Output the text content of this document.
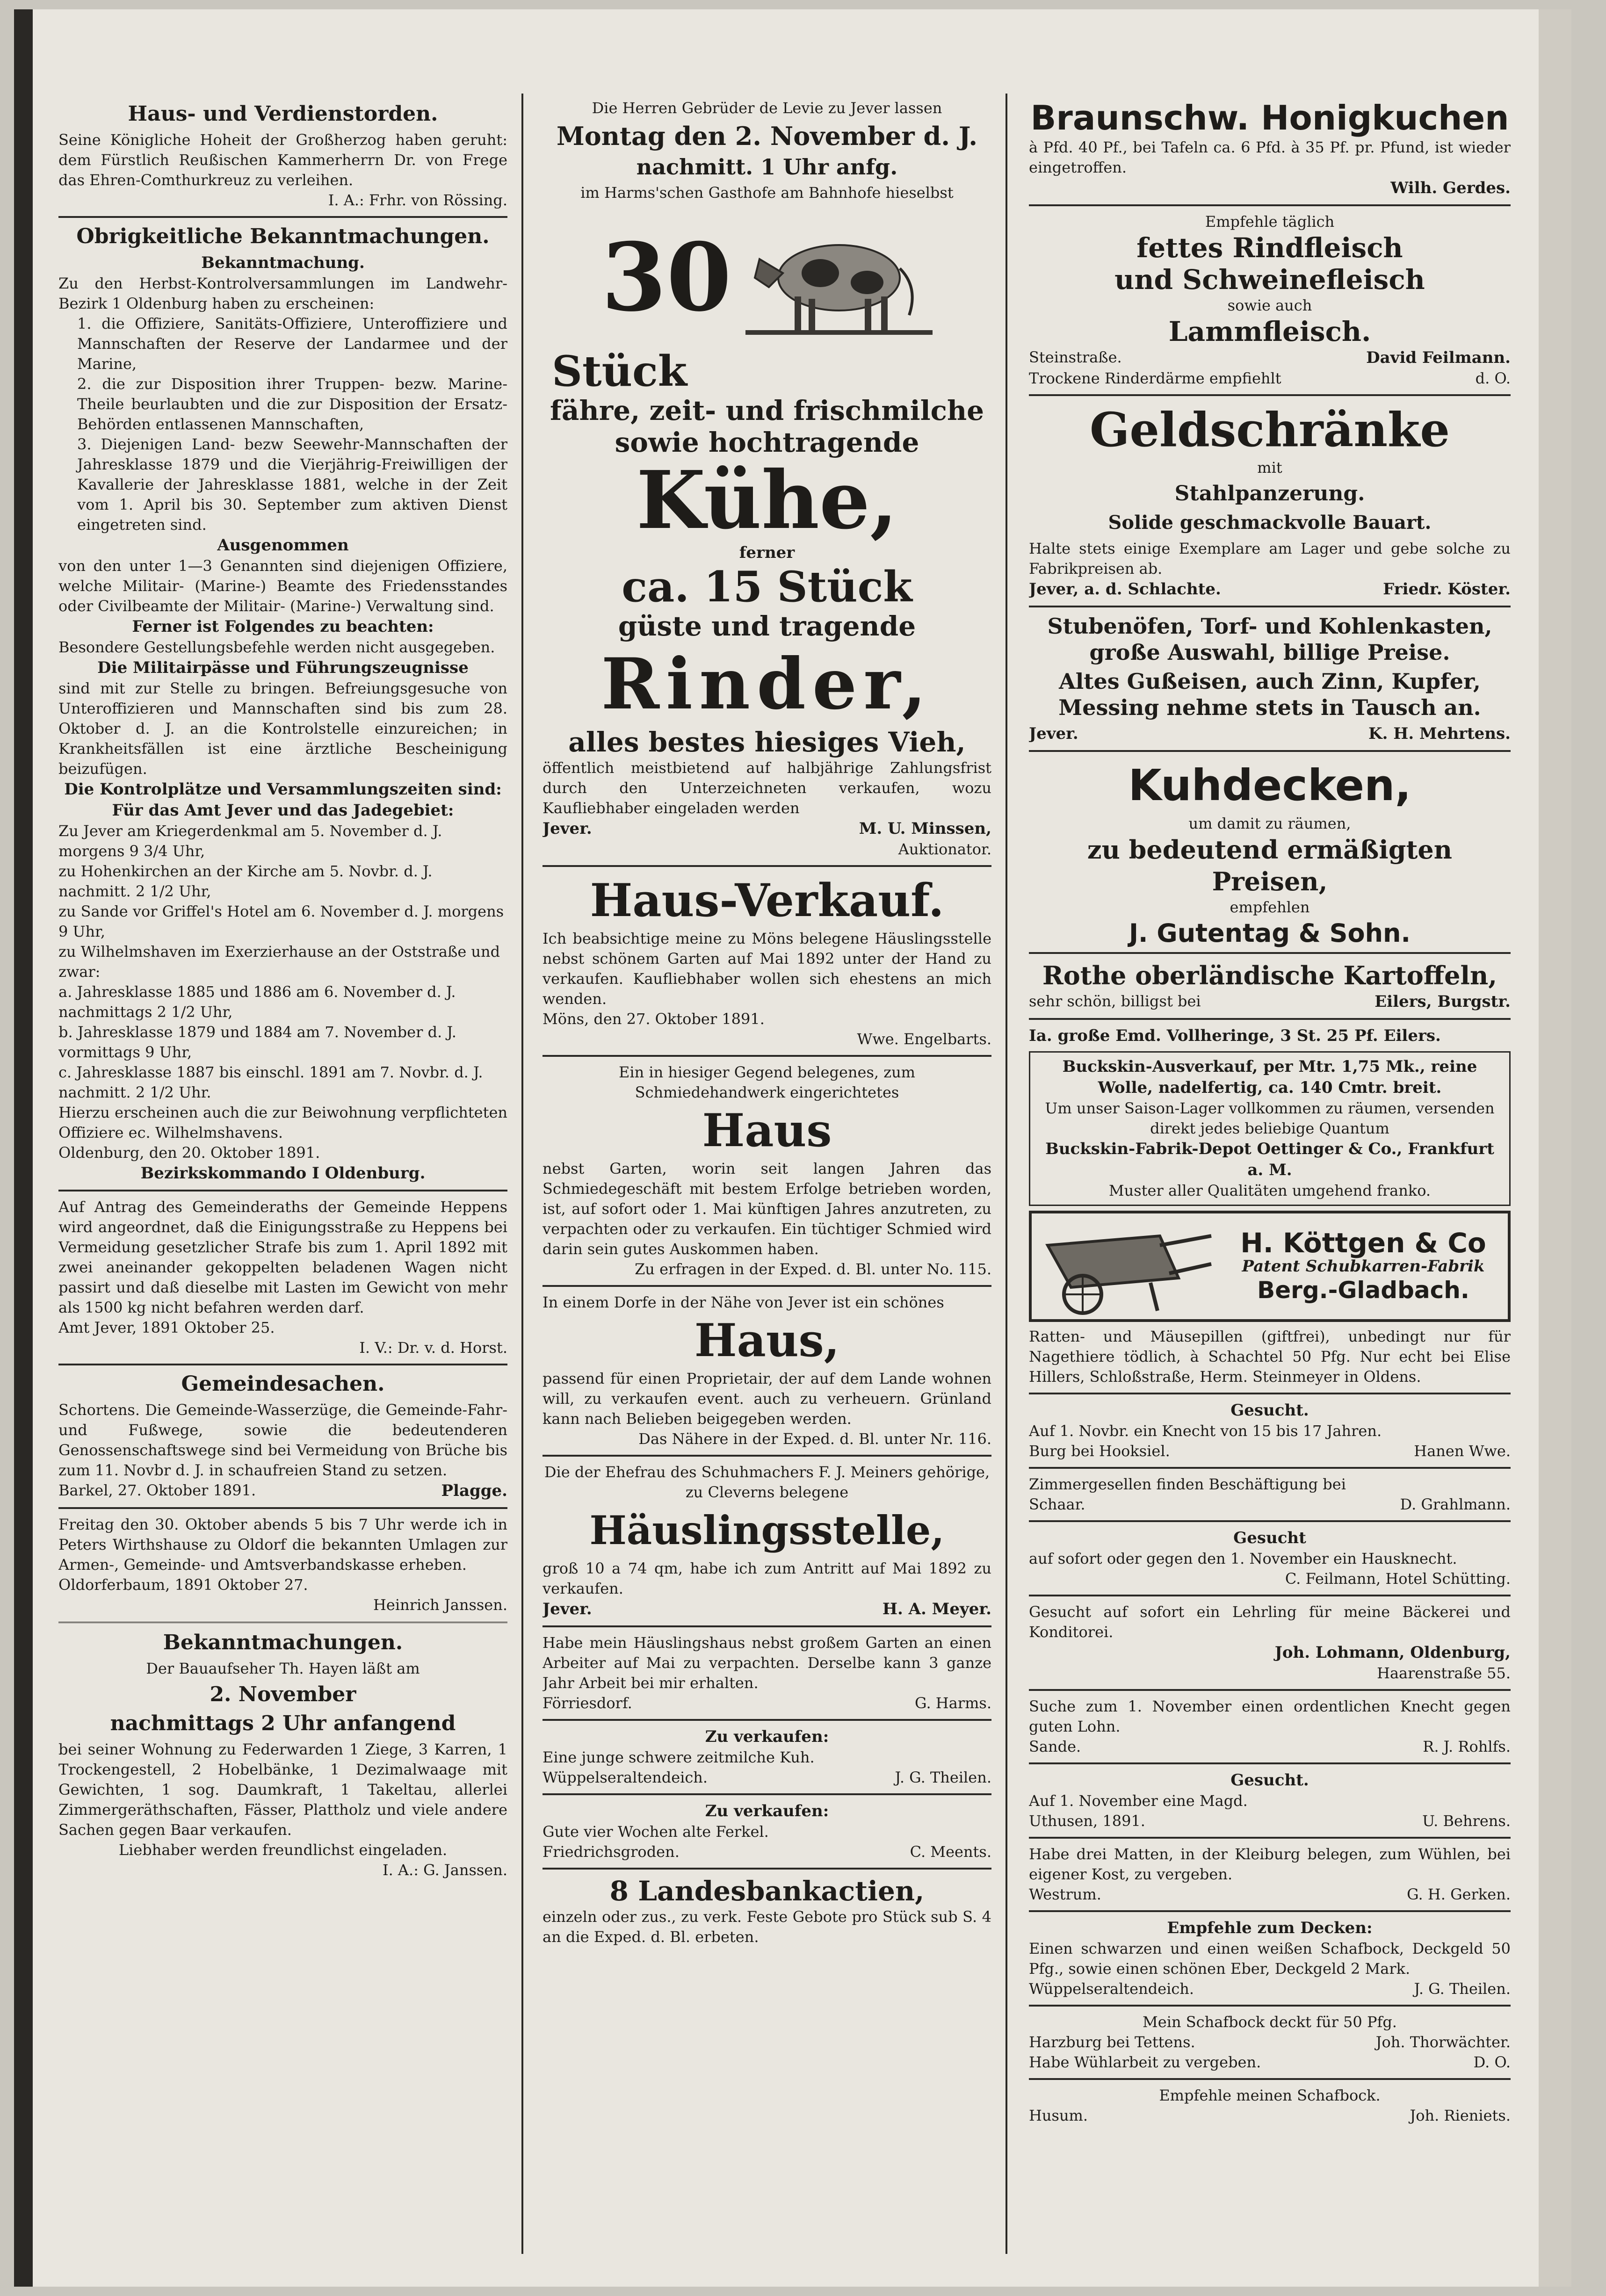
Haus- und Verdienstorden.

Seine Königliche Hoheit der Großherzog haben geruht: dem Fürstlich Reußischen Kammerherrn Dr. von Frege das Ehren-Comthurkreuz zu verleihen.

I. A.: Frhr. von Rössing.

Obrigkeitliche Bekanntmachungen.

Bekanntmachung.

Zu den Herbst-Kontrolversammlungen im Landwehr-Bezirk 1 Oldenburg haben zu erscheinen:

1. die Offiziere, Sanitäts-Offiziere, Unteroffiziere und Mannschaften der Reserve der Landarmee und der Marine,

2. die zur Disposition ihrer Truppen- bezw. Marine-Theile beurlaubten und die zur Disposition der Ersatz-Behörden entlassenen Mannschaften,

3. Diejenigen Land- bezw Seewehr-Mannschaften der Jahresklasse 1879 und die Vierjährig-Freiwilligen der Kavallerie der Jahresklasse 1881, welche in der Zeit vom 1. April bis 30. September zum aktiven Dienst eingetreten sind.

Ausgenommen

von den unter 1—3 Genannten sind diejenigen Offiziere, welche Militair- (Marine-) Beamte des Friedensstandes oder Civilbeamte der Militair- (Marine-) Verwaltung sind.

Ferner ist Folgendes zu beachten:

Besondere Gestellungsbefehle werden nicht ausgegeben.

Die Militairpässe und Führungszeugnisse

sind mit zur Stelle zu bringen. Befreiungsgesuche von Unteroffizieren und Mannschaften sind bis zum 28. Oktober d. J. an die Kontrolstelle einzureichen; in Krankheitsfällen ist eine ärztliche Bescheinigung beizufügen.

Die Kontrolplätze und Versammlungszeiten sind:

Für das Amt Jever und das Jadegebiet:

Zu Jever am Kriegerdenkmal am 5. November d. J. morgens 9 3/4 Uhr,

zu Hohenkirchen an der Kirche am 5. Novbr. d. J. nachmitt. 2 1/2 Uhr,

zu Sande vor Griffel's Hotel am 6. November d. J. morgens 9 Uhr,

zu Wilhelmshaven im Exerzierhause an der Oststraße und zwar:

a. Jahresklasse 1885 und 1886 am 6. November d. J. nachmittags 2 1/2 Uhr,

b. Jahresklasse 1879 und 1884 am 7. November d. J. vormittags 9 Uhr,

c. Jahresklasse 1887 bis einschl. 1891 am 7. Novbr. d. J. nachmitt. 2 1/2 Uhr.

Hierzu erscheinen auch die zur Beiwohnung verpflichteten Offiziere ec. Wilhelmshavens.

Oldenburg, den 20. Oktober 1891.

Bezirkskommando I Oldenburg.

Auf Antrag des Gemeinderaths der Gemeinde Heppens wird angeordnet, daß die Einigungsstraße zu Heppens bei Vermeidung gesetzlicher Strafe bis zum 1. April 1892 mit zwei aneinander gekoppelten beladenen Wagen nicht passirt und daß dieselbe mit Lasten im Gewicht von mehr als 1500 kg nicht befahren werden darf.

Amt Jever, 1891 Oktober 25.

I. V.: Dr. v. d. Horst.

Gemeindesachen.

Schortens. Die Gemeinde-Wasserzüge, die Gemeinde-Fahr- und Fußwege, sowie die bedeutenderen Genossenschaftswege sind bei Vermeidung von Brüche bis zum 11. Novbr d. J. in schaufreien Stand zu setzen.

Barkel, 27. Oktober 1891.	Plagge.

Freitag den 30. Oktober abends 5 bis 7 Uhr werde ich in Peters Wirthshause zu Oldorf die bekannten Umlagen zur Armen-, Gemeinde- und Amtsverbandskasse erheben.

Oldorferbaum, 1891 Oktober 27.

Heinrich Janssen.

Bekanntmachungen.

Der Bauaufseher Th. Hayen läßt am

2. November

nachmittags 2 Uhr anfangend

bei seiner Wohnung zu Federwarden 1 Ziege, 3 Karren, 1 Trockengestell, 2 Hobelbänke, 1 Dezimalwaage mit Gewichten, 1 sog. Daumkraft, 1 Takeltau, allerlei Zimmergeräthschaften, Fässer, Plattholz und viele andere Sachen gegen Baar verkaufen.

Liebhaber werden freundlichst eingeladen.

I. A.: G. Janssen.

Die Herren Gebrüder de Levie zu Jever lassen

Montag den 2. November d. J.

nachmitt. 1 Uhr anfg.

im Harms'schen Gasthofe am Bahnhofe hieselbst

30

Stück

fähre, zeit- und frischmilche

sowie hochtragende

Kühe,

ferner

ca. 15 Stück

güste und tragende

Rinder,

alles bestes hiesiges Vieh,

öffentlich meistbietend auf halbjährige Zahlungsfrist durch den Unterzeichneten verkaufen, wozu Kaufliebhaber eingeladen werden

Jever.	M. U. Minssen,

Auktionator.

Haus-Verkauf.

Ich beabsichtige meine zu Möns belegene Häuslingsstelle nebst schönem Garten auf Mai 1892 unter der Hand zu verkaufen. Kaufliebhaber wollen sich ehestens an mich wenden.

Möns, den 27. Oktober 1891.

Wwe. Engelbarts.

Ein in hiesiger Gegend belegenes, zum Schmiedehandwerk eingerichtetes

Haus

nebst Garten, worin seit langen Jahren das Schmiedegeschäft mit bestem Erfolge betrieben worden, ist, auf sofort oder 1. Mai künftigen Jahres anzutreten, zu verpachten oder zu verkaufen. Ein tüchtiger Schmied wird darin sein gutes Auskommen haben.

Zu erfragen in der Exped. d. Bl. unter No. 115.

In einem Dorfe in der Nähe von Jever ist ein schönes

Haus,

passend für einen Proprietair, der auf dem Lande wohnen will, zu verkaufen event. auch zu verheuern. Grünland kann nach Belieben beigegeben werden.

Das Nähere in der Exped. d. Bl. unter Nr. 116.

Die der Ehefrau des Schuhmachers F. J. Meiners gehörige, zu Cleverns belegene

Häuslingsstelle,

groß 10 a 74 qm, habe ich zum Antritt auf Mai 1892 zu verkaufen.

Jever.	H. A. Meyer.

Habe mein Häuslingshaus nebst großem Garten an einen Arbeiter auf Mai zu verpachten. Derselbe kann 3 ganze Jahr Arbeit bei mir erhalten.

Förriesdorf.	G. Harms.

Zu verkaufen:

Eine junge schwere zeitmilche Kuh.

Wüppelseraltendeich.	J. G. Theilen.

Zu verkaufen:

Gute vier Wochen alte Ferkel.

Friedrichsgroden.	C. Meents.

8 Landesbankactien,

einzeln oder zus., zu verk. Feste Gebote pro Stück sub S. 4 an die Exped. d. Bl. erbeten.

Braunschw. Honigkuchen

à Pfd. 40 Pf., bei Tafeln ca. 6 Pfd. à 35 Pf. pr. Pfund, ist wieder eingetroffen.

Wilh. Gerdes.

Empfehle täglich

fettes Rindfleisch

und Schweinefleisch

sowie auch

Lammfleisch.

Steinstraße.	David Feilmann.

Trockene Rinderdärme empfiehlt	d. O.

Geldschränke

mit

Stahlpanzerung.

Solide geschmackvolle Bauart.

Halte stets einige Exemplare am Lager und gebe solche zu Fabrikpreisen ab.

Jever, a. d. Schlachte.	Friedr. Köster.

Stubenöfen, Torf- und Kohlenkasten, große Auswahl, billige Preise.

Altes Gußeisen, auch Zinn, Kupfer, Messing nehme stets in Tausch an.

Jever.	K. H. Mehrtens.

Kuhdecken,

um damit zu räumen,

zu bedeutend ermäßigten Preisen,

empfehlen

J. Gutentag & Sohn.

Rothe oberländische Kartoffeln,

sehr schön, billigst bei	Eilers, Burgstr.

Ia. große Emd. Vollheringe, 3 St. 25 Pf. Eilers.

Buckskin-Ausverkauf, per Mtr. 1,75 Mk., reine Wolle, nadelfertig, ca. 140 Cmtr. breit.

Um unser Saison-Lager vollkommen zu räumen, versenden direkt jedes beliebige Quantum

Buckskin-Fabrik-Depot Oettinger & Co., Frankfurt a. M.

Muster aller Qualitäten umgehend franko.

H. Köttgen & Co

Patent Schubkarren-Fabrik

Berg.-Gladbach.

Ratten- und Mäusepillen (giftfrei), unbedingt nur für Nagethiere tödlich, à Schachtel 50 Pfg. Nur echt bei Elise Hillers, Schloßstraße, Herm. Steinmeyer in Oldens.

Gesucht.

Auf 1. Novbr. ein Knecht von 15 bis 17 Jahren.

Burg bei Hooksiel.	Hanen Wwe.

Zimmergesellen finden Beschäftigung bei

Schaar.	D. Grahlmann.

Gesucht

auf sofort oder gegen den 1. November ein Hausknecht.

C. Feilmann, Hotel Schütting.

Gesucht auf sofort ein Lehrling für meine Bäckerei und Konditorei.

Joh. Lohmann, Oldenburg,

Haarenstraße 55.

Suche zum 1. November einen ordentlichen Knecht gegen guten Lohn.

Sande.	R. J. Rohlfs.

Gesucht.

Auf 1. November eine Magd.

Uthusen, 1891.	U. Behrens.

Habe drei Matten, in der Kleiburg belegen, zum Wühlen, bei eigener Kost, zu vergeben.

Westrum.	G. H. Gerken.

Empfehle zum Decken:

Einen schwarzen und einen weißen Schafbock, Deckgeld 50 Pfg., sowie einen schönen Eber, Deckgeld 2 Mark.

Wüppelseraltendeich.	J. G. Theilen.

Mein Schafbock deckt für 50 Pfg.

Harzburg bei Tettens.	Joh. Thorwächter.

Habe Wühlarbeit zu vergeben.	D. O.

Empfehle meinen Schafbock.

Husum.	Joh. Rieniets.
